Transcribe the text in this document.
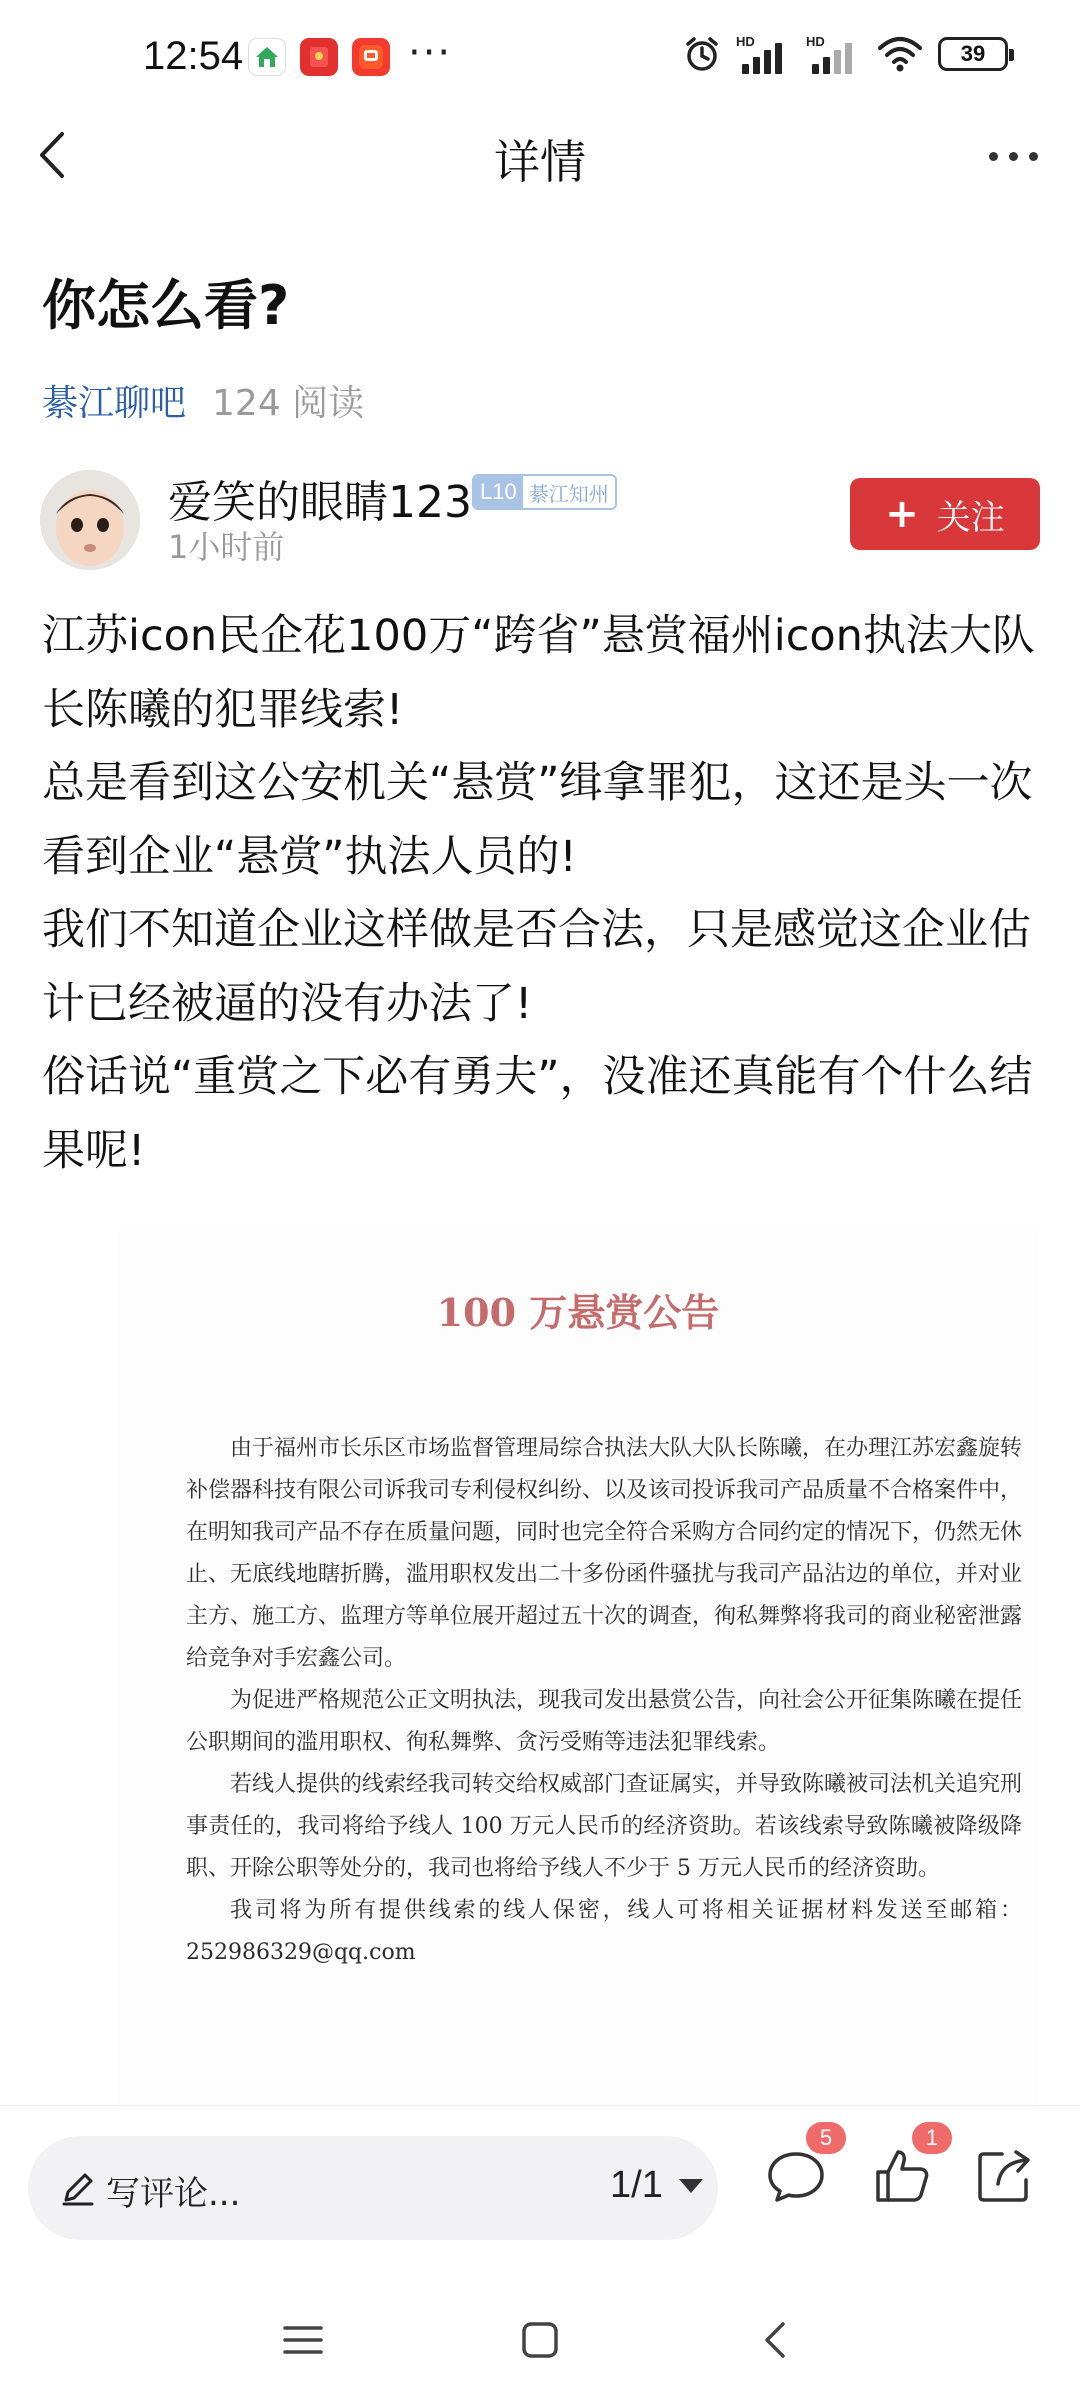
12:54	···	HD	HD	39
详情
你怎么看?
綦江聊吧 124 阅读
爱笑的眼睛123 L10 綦江知州
1小时前
+ 关注

江苏icon民企花100万“跨省”悬赏福州icon执法大队长陈曦的犯罪线索!

总是看到这公安机关“悬赏”缉拿罪犯，这还是头一次看到企业“悬赏”执法人员的!

我们不知道企业这样做是否合法，只是感觉这企业估计已经被逼的没有办法了!

俗话说“重赏之下必有勇夫”，没准还真能有个什么结果呢!

100 万悬赏公告

由于福州市长乐区市场监督管理局综合执法大队大队长陈曦，在办理江苏宏鑫旋转补偿器科技有限公司诉我司专利侵权纠纷、以及该司投诉我司产品质量不合格案件中，在明知我司产品不存在质量问题，同时也完全符合采购方合同约定的情况下，仍然无休止、无底线地瞎折腾，滥用职权发出二十多份函件骚扰与我司产品沾边的单位，并对业主方、施工方、监理方等单位展开超过五十次的调查，徇私舞弊将我司的商业秘密泄露给竞争对手宏鑫公司。

为促进严格规范公正文明执法，现我司发出悬赏公告，向社会公开征集陈曦在提任公职期间的滥用职权、徇私舞弊、贪污受贿等违法犯罪线索。

若线人提供的线索经我司转交给权威部门查证属实，并导致陈曦被司法机关追究刑事责任的，我司将给予线人 100 万元人民币的经济资助。若该线索导致陈曦被降级降职、开除公职等处分的，我司也将给予线人不少于 5 万元人民币的经济资助。

我司将为所有提供线索的线人保密，线人可将相关证据材料发送至邮箱：252986329@qq.com

写评论...	1/1
5	1
